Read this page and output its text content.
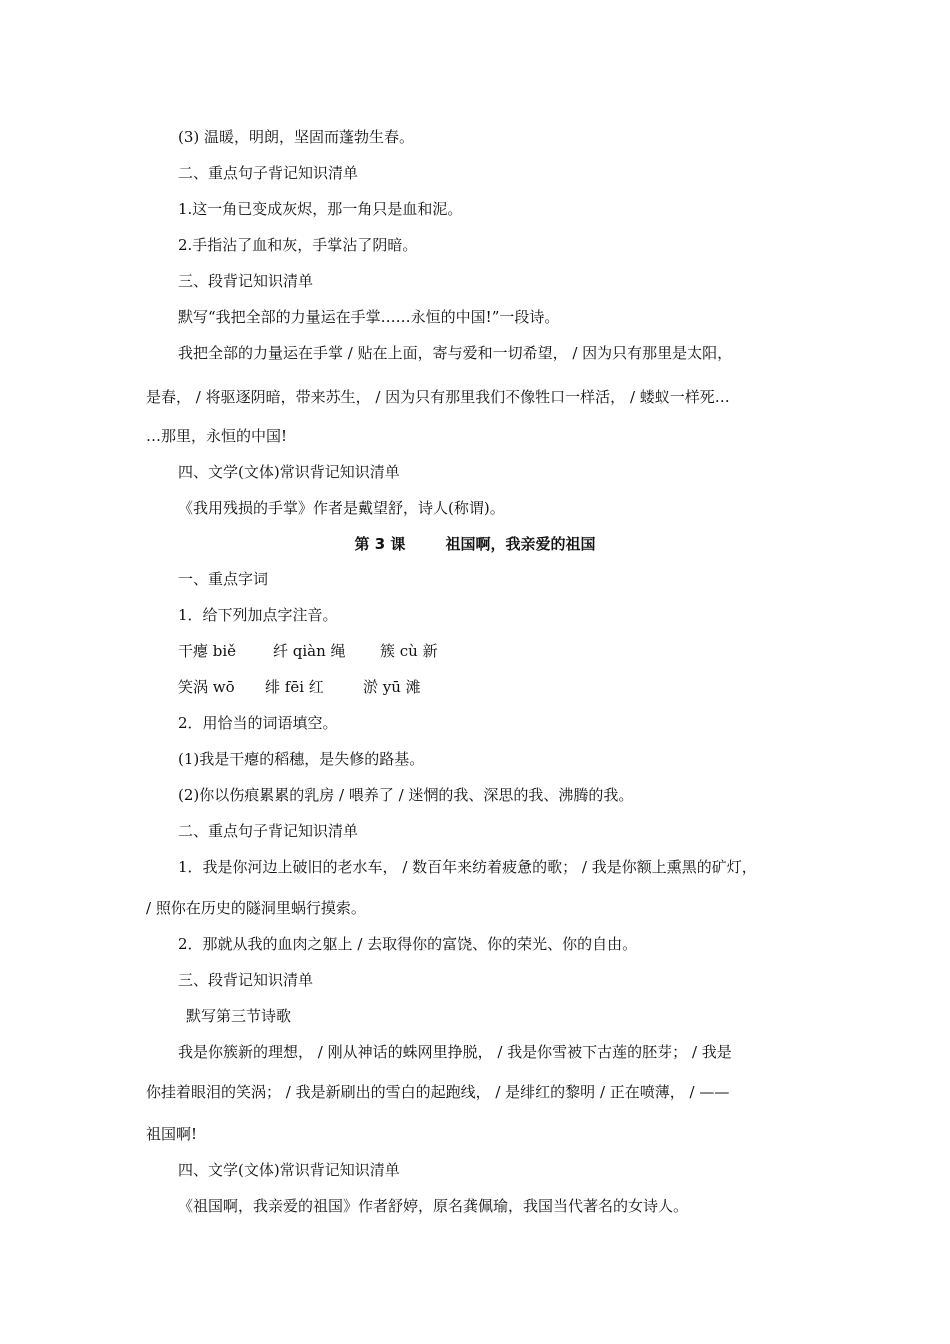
(3) 温暖，明朗，坚固而蓬勃生春。
二、重点句子背记知识清单
1.这一角已变成灰烬，那一角只是血和泥。
2.手指沾了血和灰，手掌沾了阴暗。
三、段背记知识清单
默写“我把全部的力量运在手掌……永恒的中国!”一段诗。
我把全部的力量运在手掌 / 贴在上面，寄与爱和一切希望， / 因为只有那里是太阳，
是春， / 将驱逐阴暗，带来苏生， / 因为只有那里我们不像牲口一样活， / 蝼蚁一样死…
…那里，永恒的中国!
四、文学(文体)常识背记知识清单
《我用残损的手掌》作者是戴望舒，诗人(称谓)。
第 3 课	祖国啊，我亲爱的祖国
一、重点字词
1．给下列加点字注音。
干瘪 biě 纤 qiàn 绳 簇 cù 新
笑涡 wō 绯 fēi 红	淤 yū 滩
2．用恰当的词语填空。
(1)我是干瘪的稻穗，是失修的路基。
(2)你以伤痕累累的乳房 / 喂养了 / 迷惘的我、深思的我、沸腾的我。
二、重点句子背记知识清单
1．我是你河边上破旧的老水车， / 数百年来纺着疲惫的歌； / 我是你额上熏黑的矿灯，
/ 照你在历史的隧洞里蜗行摸索。
2．那就从我的血肉之躯上 / 去取得你的富饶、你的荣光、你的自由。
三、段背记知识清单
默写第三节诗歌
我是你簇新的理想， / 刚从神话的蛛网里挣脱， / 我是你雪被下古莲的胚芽； / 我是
你挂着眼泪的笑涡； / 我是新刷出的雪白的起跑线， / 是绯红的黎明 / 正在喷薄， / ——
祖国啊!
四、文学(文体)常识背记知识清单
《祖国啊，我亲爱的祖国》作者舒婷，原名龚佩瑜，我国当代著名的女诗人。
